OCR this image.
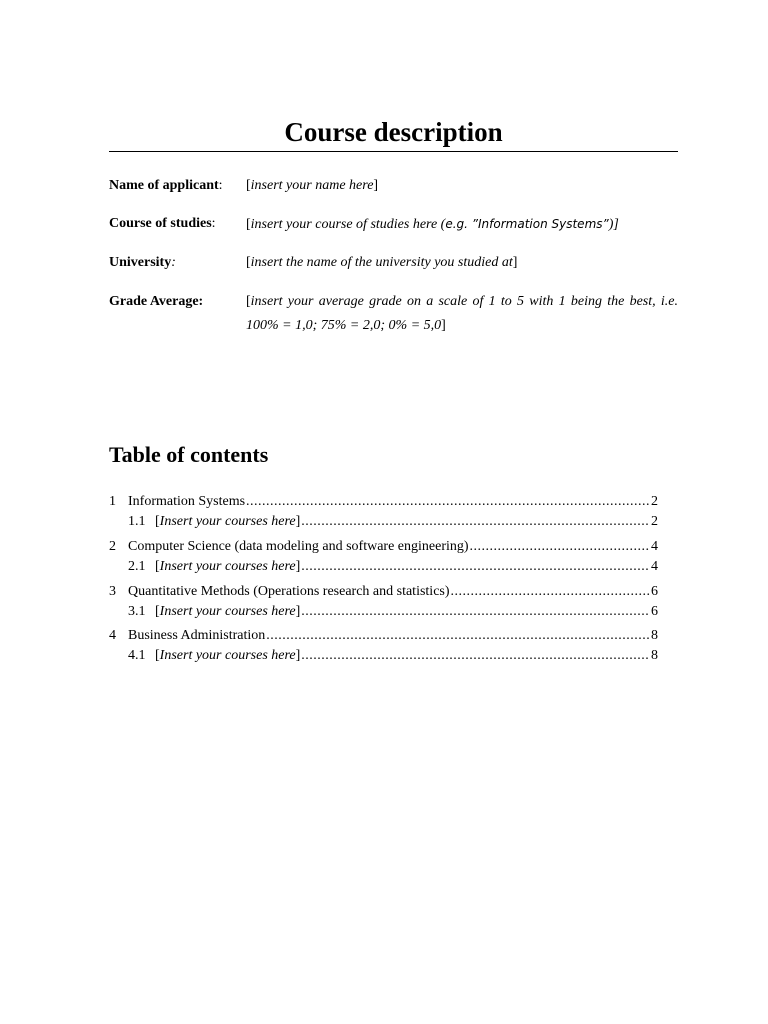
Course description
Name of applicant: [insert your name here]
Course of studies: [insert your course of studies here (e.g. ”Information Systems”)]
University:	[insert the name of the university you studied at]
Grade Average:	[insert your average grade on a scale of 1 to 5 with 1 being the best, i.e. 100% = 1,0; 75% = 2,0; 0% = 5,0]
Table of contents
1 Information Systems .....	2
1.1 [Insert your courses here] .....	2
2 Computer Science (data modeling and software engineering) .....	4
2.1 [Insert your courses here] .....	4
3 Quantitative Methods (Operations research and statistics) .....	6
3.1 [Insert your courses here] .....	6
4 Business Administration .....	8
4.1 [Insert your courses here] .....	8
